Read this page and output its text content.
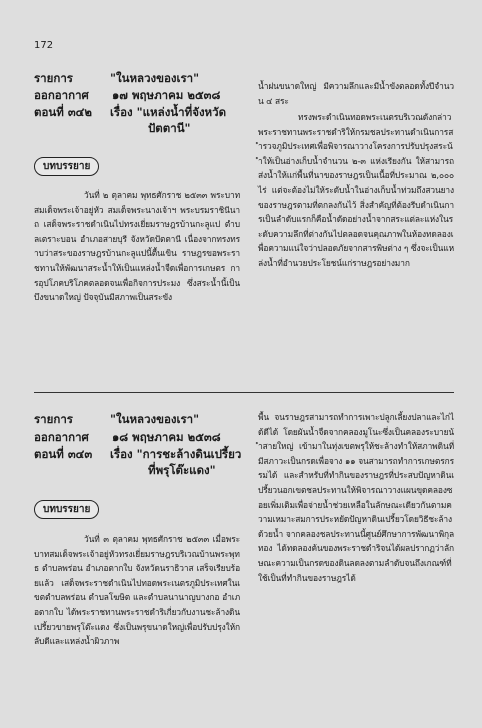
172
รายการ
ออกอากาศ
ตอนที่ ๓๔๒
"ในหลวงของเรา"
๑๗ พฤษภาคม ๒๕๓๘
เรื่อง "แหล่งน้ำที่จังหวัด
ปัตตานี"
บทบรรยาย
วันที่ ๒ ตุลาคม พุทธศักราช ๒๕๓๓ พระบาทสมเด็จพระเจ้าอยู่หัว สมเด็จพระนางเจ้าฯ พระบรมราชินีนาถ เสด็จพระราชดำเนินไปทรงเยี่ยมราษฎรบ้านกะลูแป ตำบลเตราะบอน อำเภอสายบุรี จังหวัดปัตตานี เนื่องจากทรงทราบว่าสระของราษฎรบ้านกะลูแปนี้ตื้นเขิน ราษฎรขอพระราชทานให้พัฒนาสระน้ำให้เป็นแหล่งน้ำจืดเพื่อการเกษตร การอุปโภคบริโภคตลอดจนเพื่อกิจการประมง ซึ่งสระน้ำนี้เป็นบึงขนาดใหญ่ ปัจจุบันมีสภาพเป็นสระขัง
น้ำฝนขนาดใหญ่ มีความลึกและมีน้ำขังตลอดทั้งปีจำนวน ๔ สระ
ทรงพระดำเนินทอดพระเนตรบริเวณดังกล่าว พระราชทานพระราชดำริให้กรมชลประทานดำเนินการสำรวจภูมิประเทศเพื่อพิจารณาวางโครงการปรับปรุงสระน้ำให้เป็นอ่างเก็บน้ำจำนวน ๒-๓ แห่งเรียงกัน ให้สามารถส่งน้ำให้แก่พื้นที่นาของราษฎรเป็นเนื้อที่ประมาณ ๒,๐๐๐ ไร่ แต่จะต้องไม่ให้ระดับน้ำในอ่างเก็บน้ำท่วมถึงสวนยางของราษฎรตามที่ตกลงกันไว้ สิ่งสำคัญที่ต้องรีบดำเนินการเป็นลำดับแรกก็คือน้ำดัดอย่างน้ำจากสระแต่ละแห่งในระดับความลึกที่ต่างกันไปตลอดจนคุณภาพในห้องทดลองเพื่อความแน่ใจว่าปลอดภัยจากสารพิษต่าง ๆ ซึ่งจะเป็นแหล่งน้ำที่อำนวยประโยชน์แก่ราษฎรอย่างมาก
รายการ
ออกอากาศ
ตอนที่ ๓๔๓
"ในหลวงของเรา"
๑๘ พฤษภาคม ๒๕๓๘
เรื่อง "การชะล้างดินเปรี้ยว
ที่พรุโต๊ะแดง"
บทบรรยาย
วันที่ ๓ ตุลาคม พุทธศักราช ๒๕๓๓ เมื่อพระบาทสมเด็จพระเจ้าอยู่หัวทรงเยี่ยมราษฎรบริเวณบ้านพระพุทธ ตำบลพร่อน อำเภอตากใบ จังหวัดนราธิวาส เสร็จเรียบร้อยแล้ว เสด็จพระราชดำเนินไปทอดพระเนตรภูมิประเทศในเขตตำบลพร่อน ตำบลโฆษิต และตำบลนานาญบางกอ อำเภอตากใบ ได้พระราชทานพระราชดำริเกี่ยวกับงานชะล้างดินเปรี้ยวขายพรุโต๊ะแดง ซึ่งเป็นพรุขนาดใหญ่เพื่อปรับปรุงให้กลับดีและแหล่งน้ำผิวภาพ
พื้น จนราษฎรสามารถทำการเพาะปลูกเลี้ยงปลาและไก่ได้ดีได้ โดยผันน้ำจืดจากคลองมูโนะซึ่งเป็นคลองระบายน้ำสายใหญ่ เข้ามาในทุ่งเขตพรุให้ชะล้างทำให้สภาพดินที่มีสภาวะเป็นกรดเพื่อจาง ๑๑ จนสามารถทำการเกษตรกรรมได้ และสำหรับที่ทำกินของราษฎรที่ประสบปัญหาดินเปรี้ยวนอกเขตชลประทานให้พิจารณาวางแผนขุดคลองซอยเพิ่มเติมเพื่อจ่ายน้ำช่วยเหลือในลักษณะเดียวกันตามความเหมาะสมการประหยัดปัญหาดินเปรี้ยวโดยวิธีชะล้างด้วยน้ำ จากคลองชลประทานนี้ศูนย์ศึกษาการพัฒนาพิกุลทอง ได้ทดลองค้นของพระราชดำริจนได้ผลปรากฏว่าลักษณะความเป็นกรดของดินลดลงตามลำดับจนถึงเกณฑ์ที่ใช้เป็นที่ทำกินของราษฎรได้
